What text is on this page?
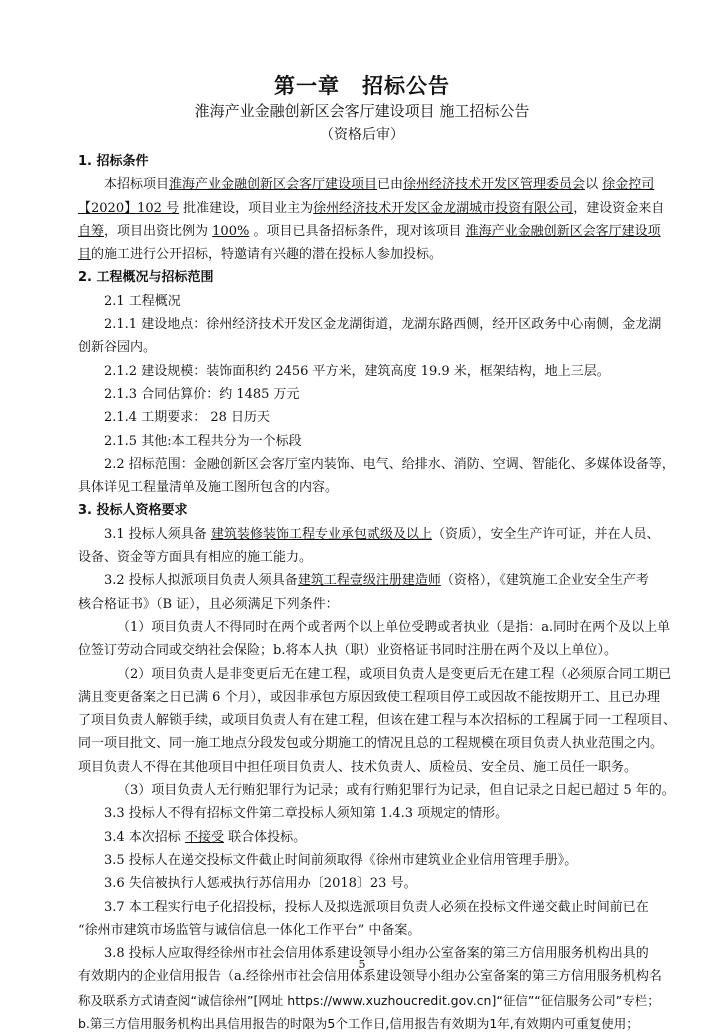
第一章　招标公告
淮海产业金融创新区会客厅建设项目 施工招标公告
（资格后审）
1. 招标条件
本招标项目淮海产业金融创新区会客厅建设项目已由徐州经济技术开发区管理委员会以 徐金控司
【2020】102 号 批准建设，项目业主为徐州经济技术开发区金龙湖城市投资有限公司，建设资金来自
自筹，项目出资比例为 100% 。项目已具备招标条件，现对该项目 淮海产业金融创新区会客厅建设项
目的施工进行公开招标，特邀请有兴趣的潜在投标人参加投标。
2. 工程概况与招标范围
2.1 工程概况
2.1.1 建设地点：徐州经济技术开发区金龙湖街道，龙湖东路西侧，经开区政务中心南侧，金龙湖
创新谷园内。
2.1.2 建设规模：装饰面积约 2456 平方米，建筑高度 19.9 米，框架结构，地上三层。
2.1.3 合同估算价：约 1485 万元
2.1.4 工期要求： 28 日历天
2.1.5 其他:本工程共分为一个标段
2.2 招标范围：金融创新区会客厅室内装饰、电气、给排水、消防、空调、智能化、多媒体设备等，
具体详见工程量清单及施工图所包含的内容。
3. 投标人资格要求
3.1 投标人须具备 建筑装修装饰工程专业承包贰级及以上（资质），安全生产许可证，并在人员、
设备、资金等方面具有相应的施工能力。
3.2 投标人拟派项目负责人须具备建筑工程壹级注册建造师（资格），《建筑施工企业安全生产考
核合格证书》（B 证），且必须满足下列条件：
（1）项目负责人不得同时在两个或者两个以上单位受聘或者执业（是指：a.同时在两个及以上单
位签订劳动合同或交纳社会保险；b.将本人执（职）业资格证书同时注册在两个及以上单位）。
（2）项目负责人是非变更后无在建工程，或项目负责人是变更后无在建工程（必须原合同工期已
满且变更备案之日已满 6 个月），或因非承包方原因致使工程项目停工或因故不能按期开工、且已办理
了项目负责人解锁手续，或项目负责人有在建工程，但该在建工程与本次招标的工程属于同一工程项目、
同一项目批文、同一施工地点分段发包或分期施工的情况且总的工程规模在项目负责人执业范围之内。
项目负责人不得在其他项目中担任项目负责人、技术负责人、质检员、安全员、施工员任一职务。
（3）项目负责人无行贿犯罪行为记录；或有行贿犯罪行为记录，但自记录之日起已超过 5 年的。
3.3 投标人不得有招标文件第二章投标人须知第 1.4.3 项规定的情形。
3.4 本次招标 不接受 联合体投标。
3.5 投标人在递交投标文件截止时间前须取得《徐州市建筑业企业信用管理手册》。
3.6 失信被执行人惩戒执行苏信用办〔2018〕23 号。
3.7 本工程实行电子化招投标，投标人及拟选派项目负责人必须在投标文件递交截止时间前已在
“徐州市建筑市场监管与诚信信息一体化工作平台” 中备案。
3.8 投标人应取得经徐州市社会信用体系建设领导小组办公室备案的第三方信用服务机构出具的
有效期内的企业信用报告（a.经徐州市社会信用体系建设领导小组办公室备案的第三方信用服务机构名
称及联系方式请查阅“诚信徐州”[网址 https://www.xuzhoucredit.gov.cn]“征信”“征信服务公司”专栏；
b.第三方信用服务机构出具信用报告的时限为5个工作日,信用报告有效期为1年,有效期内可重复使用；
5
